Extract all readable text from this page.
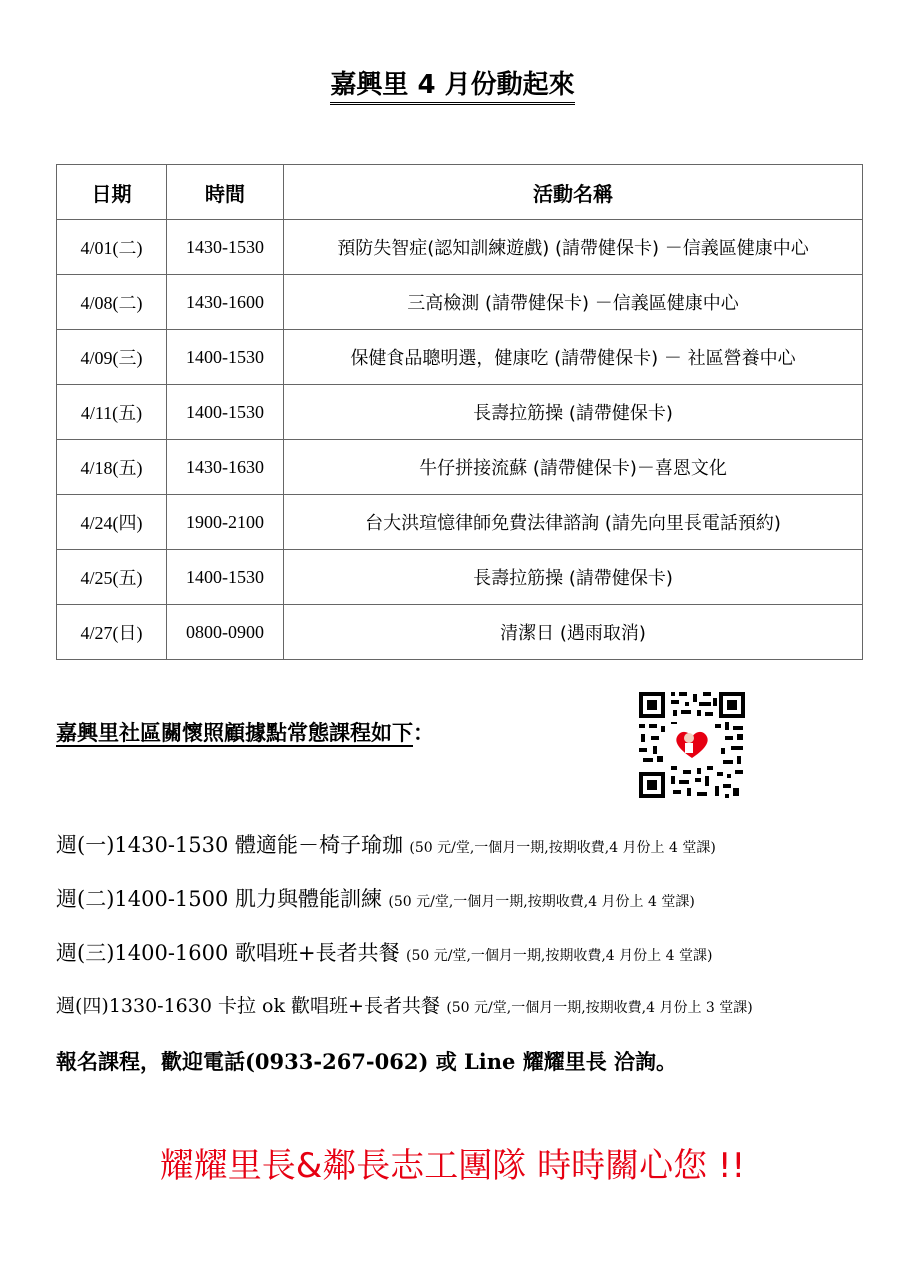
嘉興里 4 月份動起來
日期	時間	活動名稱
4/01(二)	1430-1530	預防失智症(認知訓練遊戲) (請帶健保卡) －信義區健康中心
4/08(二)	1430-1600	三高檢測 (請帶健保卡) －信義區健康中心
4/09(三)	1400-1530	保健食品聰明選，健康吃 (請帶健保卡) － 社區營養中心
4/11(五)	1400-1530	長壽拉筋操 (請帶健保卡)
4/18(五)	1430-1630	牛仔拼接流蘇 (請帶健保卡)－喜恩文化
4/24(四)	1900-2100	台大洪瑄憶律師免費法律諮詢 (請先向里長電話預約)
4/25(五)	1400-1530	長壽拉筋操 (請帶健保卡)
4/27(日)	0800-0900	清潔日 (遇雨取消)
嘉興里社區關懷照顧據點常態課程如下：
週(一)1430-1530 體適能－椅子瑜珈 (50 元/堂,一個月一期,按期收費,4 月份上 4 堂課)
週(二)1400-1500 肌力與體能訓練 (50 元/堂,一個月一期,按期收費,4 月份上 4 堂課)
週(三)1400-1600 歌唱班+長者共餐 (50 元/堂,一個月一期,按期收費,4 月份上 4 堂課)
週(四)1330-1630 卡拉 ok 歡唱班+長者共餐 (50 元/堂,一個月一期,按期收費,4 月份上 3 堂課)
報名課程，歡迎電話(0933-267-062) 或 Line 耀耀里長 洽詢。
耀耀里長&鄰長志工團隊 時時關心您 !!
